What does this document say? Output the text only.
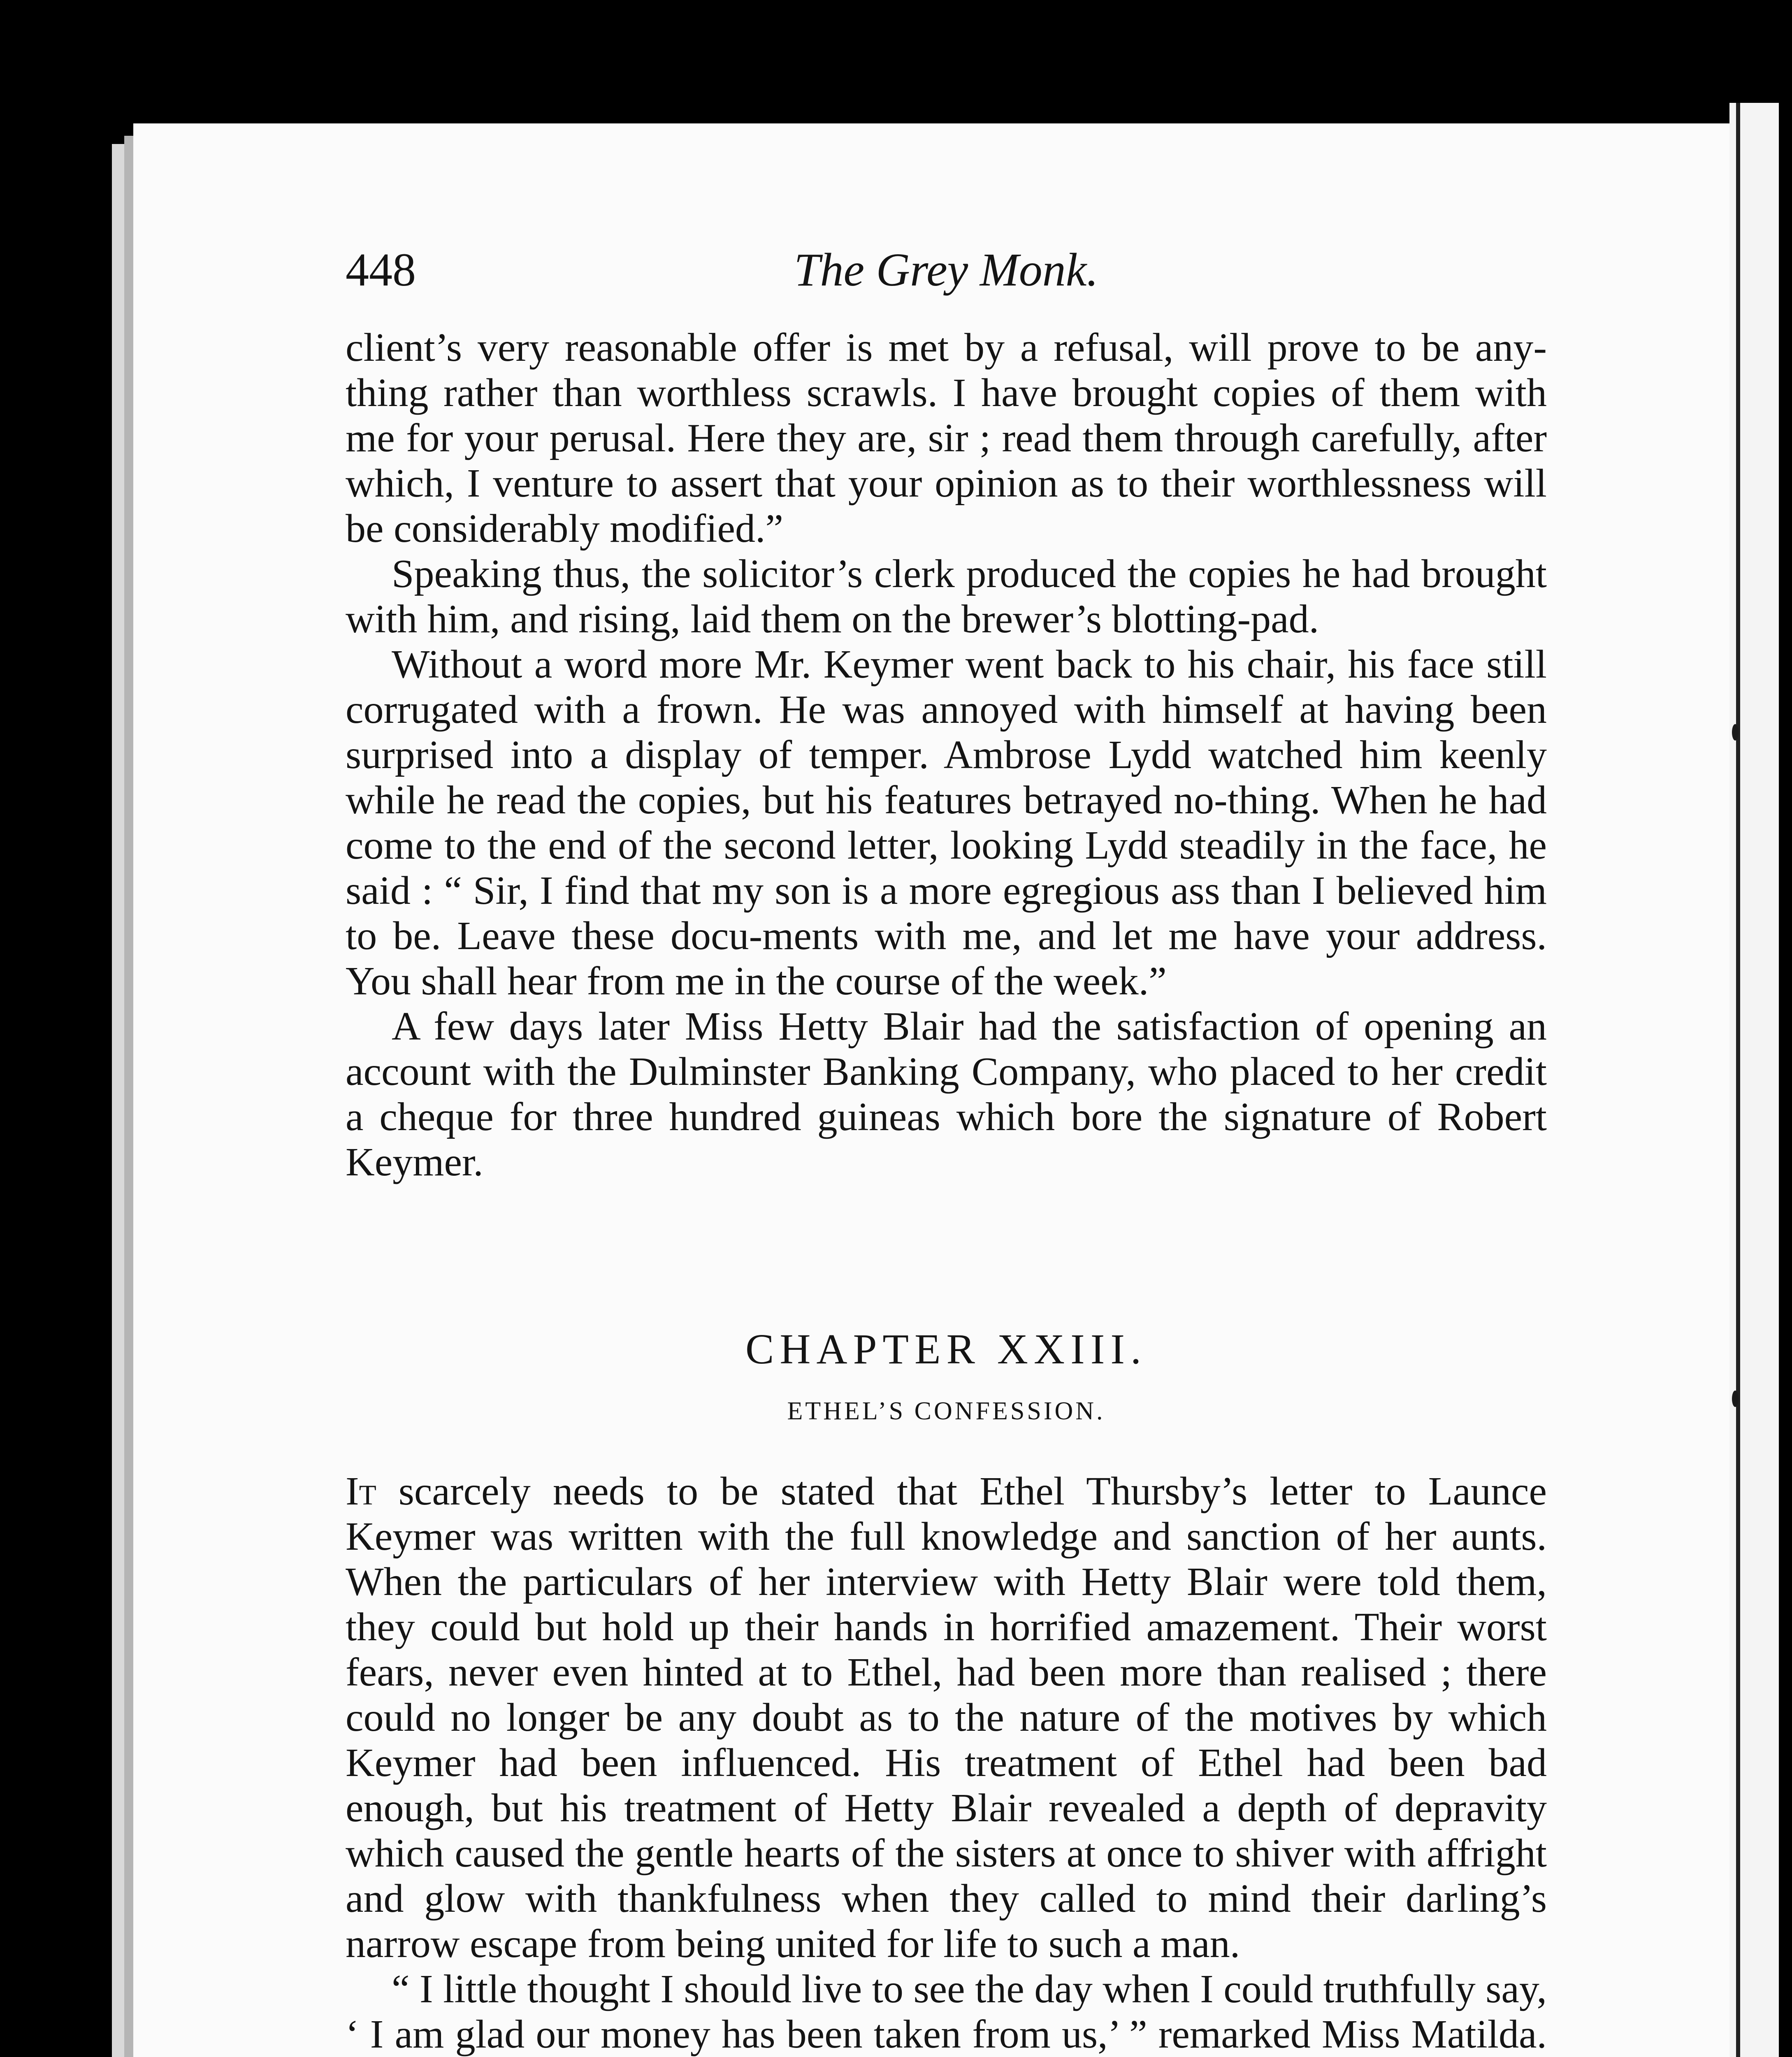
448	The Grey Monk.

client’s very reasonable offer is met by a refusal, will prove to be any-thing rather than worthless scrawls. I have brought copies of them with me for your perusal. Here they are, sir ; read them through carefully, after which, I venture to assert that your opinion as to their worthlessness will be considerably modified.”

Speaking thus, the solicitor’s clerk produced the copies he had brought with him, and rising, laid them on the brewer’s blotting-pad.

Without a word more Mr. Keymer went back to his chair, his face still corrugated with a frown. He was annoyed with himself at having been surprised into a display of temper. Ambrose Lydd watched him keenly while he read the copies, but his features betrayed no-thing. When he had come to the end of the second letter, looking Lydd steadily in the face, he said : “ Sir, I find that my son is a more egregious ass than I believed him to be. Leave these docu-ments with me, and let me have your address. You shall hear from me in the course of the week.”

A few days later Miss Hetty Blair had the satisfaction of opening an account with the Dulminster Banking Company, who placed to her credit a cheque for three hundred guineas which bore the signature of Robert Keymer.

CHAPTER XXIII.
ETHEL’S CONFESSION.

It scarcely needs to be stated that Ethel Thursby’s letter to Launce Keymer was written with the full knowledge and sanction of her aunts. When the particulars of her interview with Hetty Blair were told them, they could but hold up their hands in horrified amazement. Their worst fears, never even hinted at to Ethel, had been more than realised ; there could no longer be any doubt as to the nature of the motives by which Keymer had been influenced. His treatment of Ethel had been bad enough, but his treatment of Hetty Blair revealed a depth of depravity which caused the gentle hearts of the sisters at once to shiver with affright and glow with thankfulness when they called to mind their darling’s narrow escape from being united for life to such a man.

“ I little thought I should live to see the day when I could truthfully say, ‘ I am glad our money has been taken from us,’ ” remarked Miss Matilda.
